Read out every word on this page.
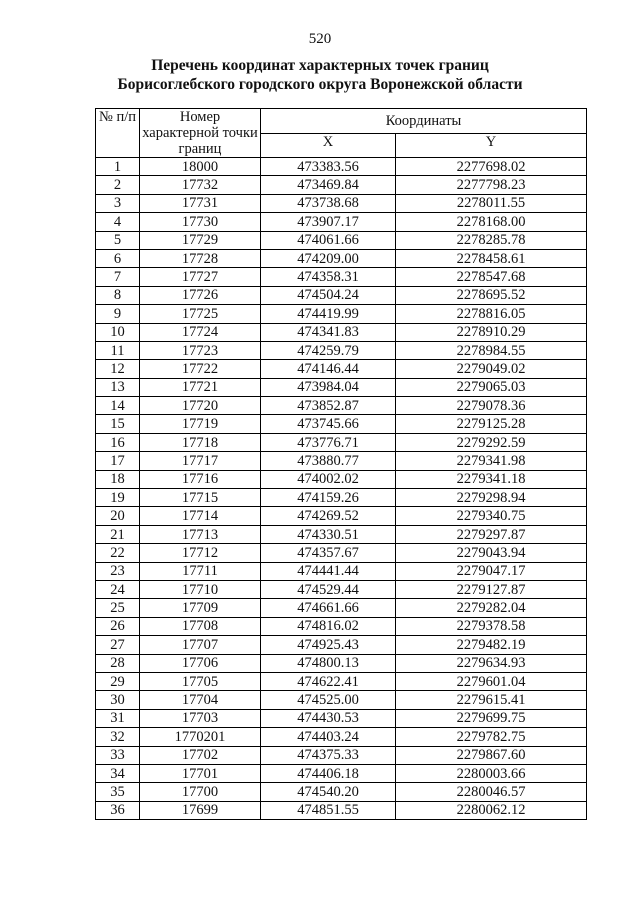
520
Перечень координат характерных точек границ
Борисоглебского городского округа Воронежской области
№ п/п	Номер характерной точки границ	Координаты	
		X	Y
1	18000	473383.56	2277698.02
2	17732	473469.84	2277798.23
3	17731	473738.68	2278011.55
4	17730	473907.17	2278168.00
5	17729	474061.66	2278285.78
6	17728	474209.00	2278458.61
7	17727	474358.31	2278547.68
8	17726	474504.24	2278695.52
9	17725	474419.99	2278816.05
10	17724	474341.83	2278910.29
11	17723	474259.79	2278984.55
12	17722	474146.44	2279049.02
13	17721	473984.04	2279065.03
14	17720	473852.87	2279078.36
15	17719	473745.66	2279125.28
16	17718	473776.71	2279292.59
17	17717	473880.77	2279341.98
18	17716	474002.02	2279341.18
19	17715	474159.26	2279298.94
20	17714	474269.52	2279340.75
21	17713	474330.51	2279297.87
22	17712	474357.67	2279043.94
23	17711	474441.44	2279047.17
24	17710	474529.44	2279127.87
25	17709	474661.66	2279282.04
26	17708	474816.02	2279378.58
27	17707	474925.43	2279482.19
28	17706	474800.13	2279634.93
29	17705	474622.41	2279601.04
30	17704	474525.00	2279615.41
31	17703	474430.53	2279699.75
32	1770201	474403.24	2279782.75
33	17702	474375.33	2279867.60
34	17701	474406.18	2280003.66
35	17700	474540.20	2280046.57
36	17699	474851.55	2280062.12
